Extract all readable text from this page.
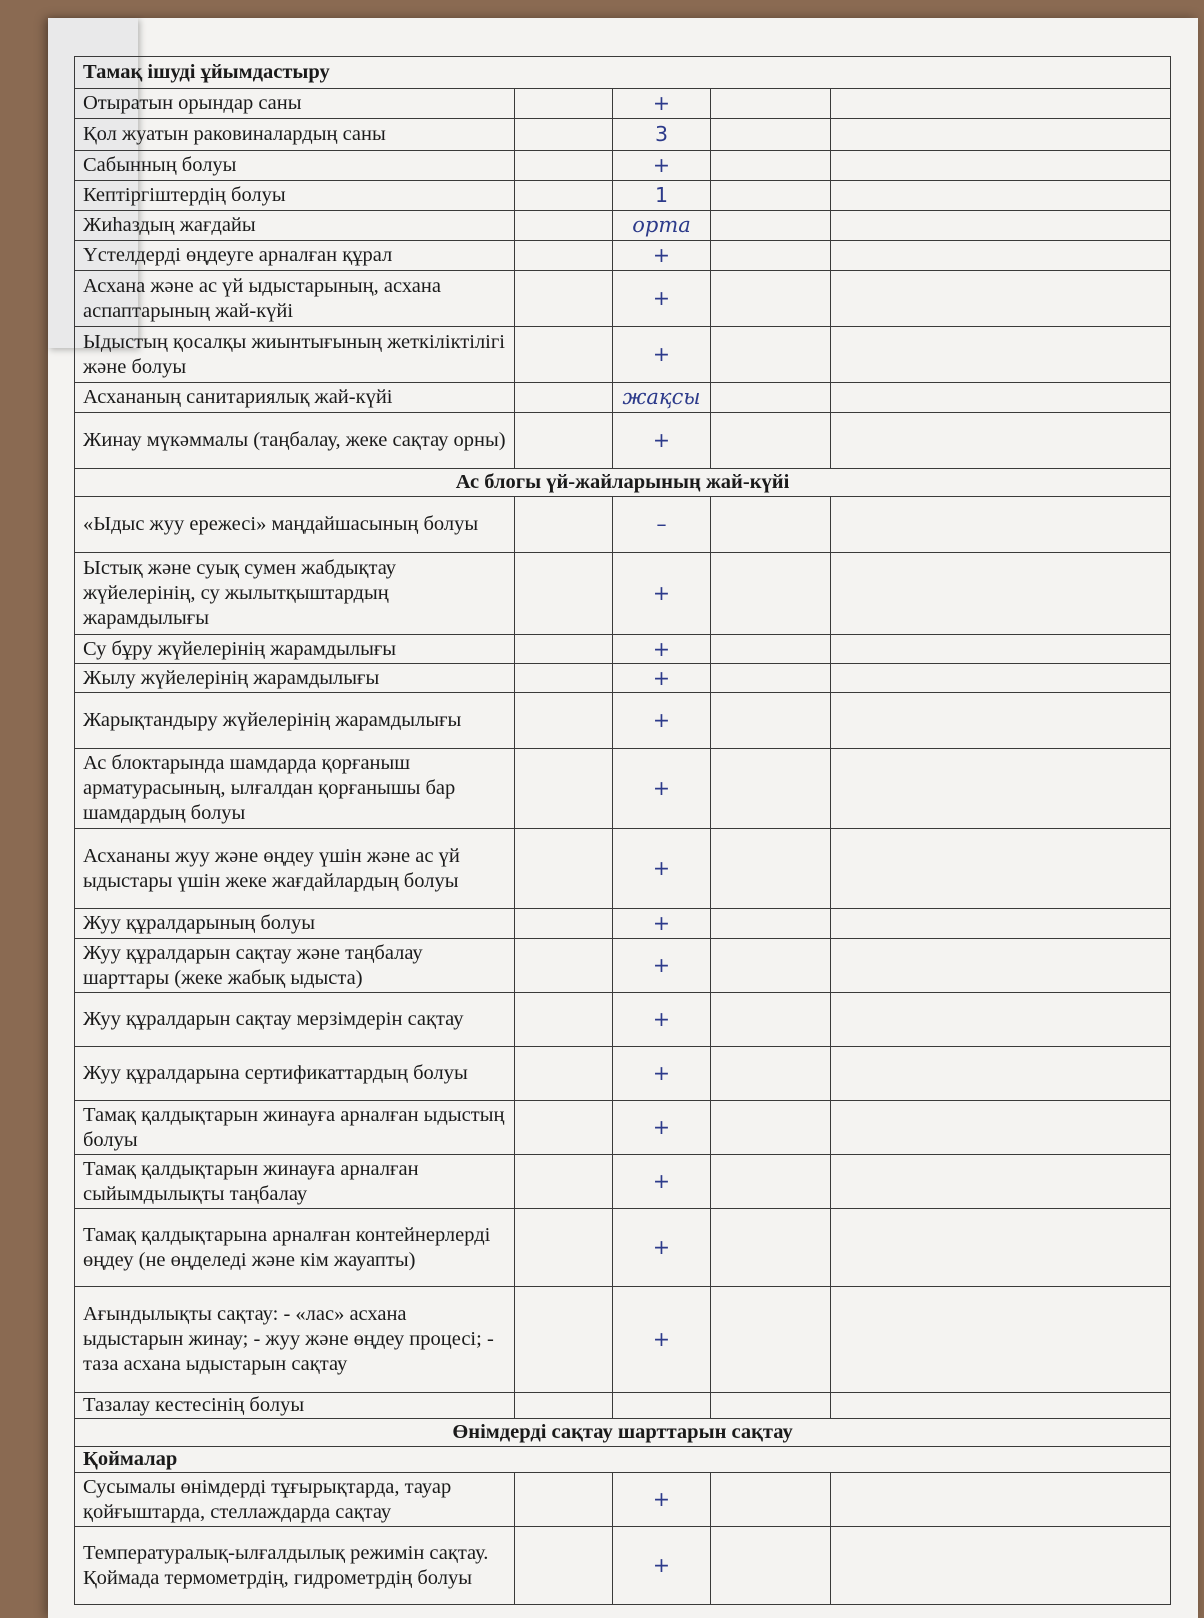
Тамақ ішуді ұйымдастыру				
Отыратын орындар саны		+		
Қол жуатын раковиналардың саны		3		
Сабынның болуы		+		
Кептіргіштердің болуы		1		
Жиһаздың жағдайы		орта		
Үстелдерді өңдеуге арналған құрал		+		
Асхана және ас үй ыдыстарының, асхана аспаптарының жай-күйі		+		
Ыдыстың қосалқы жиынтығының жеткіліктілігі және болуы		+		
Асхананың санитариялық жай-күйі		жақсы		
Жинау мүкәммалы (таңбалау, жеке сақтау орны)		+		
Ас блогы үй-жайларының жай-күйі				
«Ыдыс жуу ережесі» маңдайшасының болуы		–		
Ыстық және суық сумен жабдықтау жүйелерінің, су жылытқыштардың жарамдылығы		+		
Су бұру жүйелерінің жарамдылығы		+		
Жылу жүйелерінің жарамдылығы		+		
Жарықтандыру жүйелерінің жарамдылығы		+		
Ас блоктарында шамдарда қорғаныш арматурасының, ылғалдан қорғанышы бар шамдардың болуы		+		
Асхананы жуу және өңдеу үшін және ас үй ыдыстары үшін жеке жағдайлардың болуы		+		
Жуу құралдарының болуы		+		
Жуу құралдарын сақтау және таңбалау шарттары (жеке жабық ыдыста)		+		
Жуу құралдарын сақтау мерзімдерін сақтау		+		
Жуу құралдарына сертификаттардың болуы		+		
Тамақ қалдықтарын жинауға арналған ыдыстың болуы		+		
Тамақ қалдықтарын жинауға арналған сыйымдылықты таңбалау		+		
Тамақ қалдықтарына арналған контейнерлерді өңдеу (не өңделеді және кім жауапты)		+		
Ағындылықты сақтау: - «лас» асхана ыдыстарын жинау; - жуу және өңдеу процесі; - таза асхана ыдыстарын сақтау		+		
Тазалау кестесінің болуы				
Өнімдерді сақтау шарттарын сақтау				
Қоймалар				
Сусымалы өнімдерді тұғырықтарда, тауар қойғыштарда, стеллаждарда сақтау		+		
Температуралық-ылғалдылық режимін сақтау. Қоймада термометрдің, гидрометрдің болуы		+		
